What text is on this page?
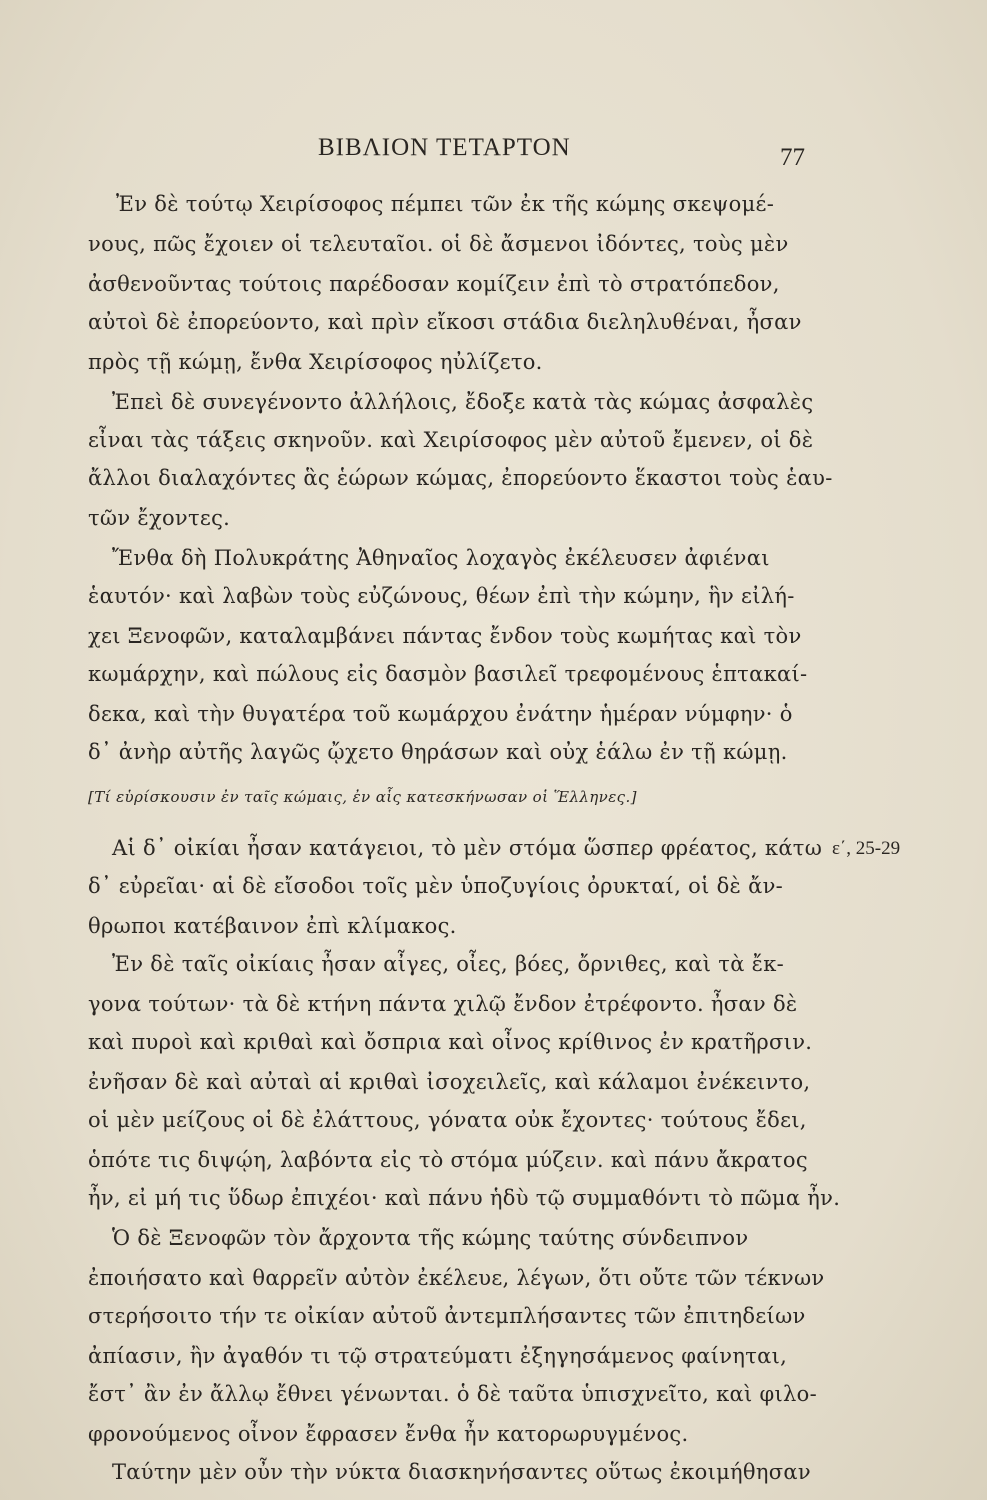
ΒΙΒΛΙΟΝ ΤΕΤΑΡΤΟΝ	77
Ἐν δὲ τούτῳ Χειρίσοφος πέμπει τῶν ἐκ τῆς κώμης σκεψομέ-
νους, πῶς ἔχοιεν οἱ τελευταῖοι. οἱ δὲ ἄσμενοι ἰδόντες, τοὺς μὲν
ἀσθενοῦντας τούτοις παρέδοσαν κομίζειν ἐπὶ τὸ στρατόπεδον,
αὐτοὶ δὲ ἐπορεύοντο, καὶ πρὶν εἴκοσι στάδια διεληλυθέναι, ἦσαν
πρὸς τῇ κώμῃ, ἔνθα Χειρίσοφος ηὐλίζετο.
Ἐπεὶ δὲ συνεγένοντο ἀλλήλοις, ἔδοξε κατὰ τὰς κώμας ἀσφαλὲς
εἶναι τὰς τάξεις σκηνοῦν. καὶ Χειρίσοφος μὲν αὐτοῦ ἔμενεν, οἱ δὲ
ἄλλοι διαλαχόντες ἃς ἑώρων κώμας, ἐπορεύοντο ἕκαστοι τοὺς ἑαυ-
τῶν ἔχοντες.
Ἔνθα δὴ Πολυκράτης Ἀθηναῖος λοχαγὸς ἐκέλευσεν ἀφιέναι
ἑαυτόν· καὶ λαβὼν τοὺς εὐζώνους, θέων ἐπὶ τὴν κώμην, ἣν εἰλή-
χει Ξενοφῶν, καταλαμβάνει πάντας ἔνδον τοὺς κωμήτας καὶ τὸν
κωμάρχην, καὶ πώλους εἰς δασμὸν βασιλεῖ τρεφομένους ἑπτακαί-
δεκα, καὶ τὴν θυγατέρα τοῦ κωμάρχου ἐνάτην ἡμέραν νύμφην· ὁ
δ᾽ ἀνὴρ αὐτῆς λαγῶς ᾤχετο θηράσων καὶ οὐχ ἑάλω ἐν τῇ κώμῃ.
[Τί εὑρίσκουσιν ἐν ταῖς κώμαις, ἐν αἷς κατεσκήνωσαν οἱ Ἕλληνες.]
Αἱ δ᾽ οἰκίαι ἦσαν κατάγειοι, τὸ μὲν στόμα ὥσπερ φρέατος, κάτω ε΄, 25-29
δ᾽ εὐρεῖαι· αἱ δὲ εἴσοδοι τοῖς μὲν ὑποζυγίοις ὀρυκταί, οἱ δὲ ἄν-
θρωποι κατέβαινον ἐπὶ κλίμακος.
Ἐν δὲ ταῖς οἰκίαις ἦσαν αἶγες, οἶες, βόες, ὄρνιθες, καὶ τὰ ἔκ-
γονα τούτων· τὰ δὲ κτήνη πάντα χιλῷ ἔνδον ἐτρέφοντο. ἦσαν δὲ
καὶ πυροὶ καὶ κριθαὶ καὶ ὄσπρια καὶ οἶνος κρίθινος ἐν κρατῆρσιν.
ἐνῆσαν δὲ καὶ αὐταὶ αἱ κριθαὶ ἰσοχειλεῖς, καὶ κάλαμοι ἐνέκειντο,
οἱ μὲν μείζους οἱ δὲ ἐλάττους, γόνατα οὐκ ἔχοντες· τούτους ἔδει,
ὁπότε τις διψῴη, λαβόντα εἰς τὸ στόμα μύζειν. καὶ πάνυ ἄκρατος
ἦν, εἰ μή τις ὕδωρ ἐπιχέοι· καὶ πάνυ ἡδὺ τῷ συμμαθόντι τὸ πῶμα ἦν.
Ὁ δὲ Ξενοφῶν τὸν ἄρχοντα τῆς κώμης ταύτης σύνδειπνον
ἐποιήσατο καὶ θαρρεῖν αὐτὸν ἐκέλευε, λέγων, ὅτι οὔτε τῶν τέκνων
στερήσοιτο τήν τε οἰκίαν αὐτοῦ ἀντεμπλήσαντες τῶν ἐπιτηδείων
ἀπίασιν, ἢν ἀγαθόν τι τῷ στρατεύματι ἐξηγησάμενος φαίνηται,
ἔστ᾽ ἂν ἐν ἄλλῳ ἔθνει γένωνται. ὁ δὲ ταῦτα ὑπισχνεῖτο, καὶ φιλο-
φρονούμενος οἶνον ἔφρασεν ἔνθα ἦν κατορωρυγμένος.
Ταύτην μὲν οὖν τὴν νύκτα διασκηνήσαντες οὕτως ἐκοιμήθησαν
